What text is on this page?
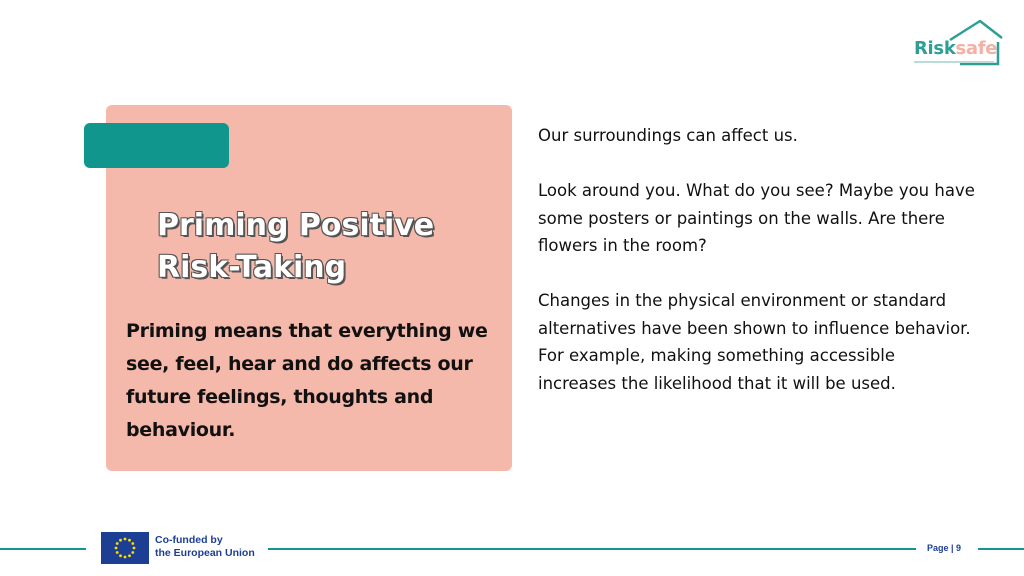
Risksafe
Priming Positive
Risk-Taking
Priming means that everything we see, feel, hear and do affects our future feelings, thoughts and behaviour.

Our surroundings can affect us.

Look around you. What do you see? Maybe you have some posters or paintings on the walls. Are there flowers in the room?

Changes in the physical environment or standard alternatives have been shown to influence behavior. For example, making something accessible increases the likelihood that it will be used.

Co-funded by
the European Union	Page | 9
